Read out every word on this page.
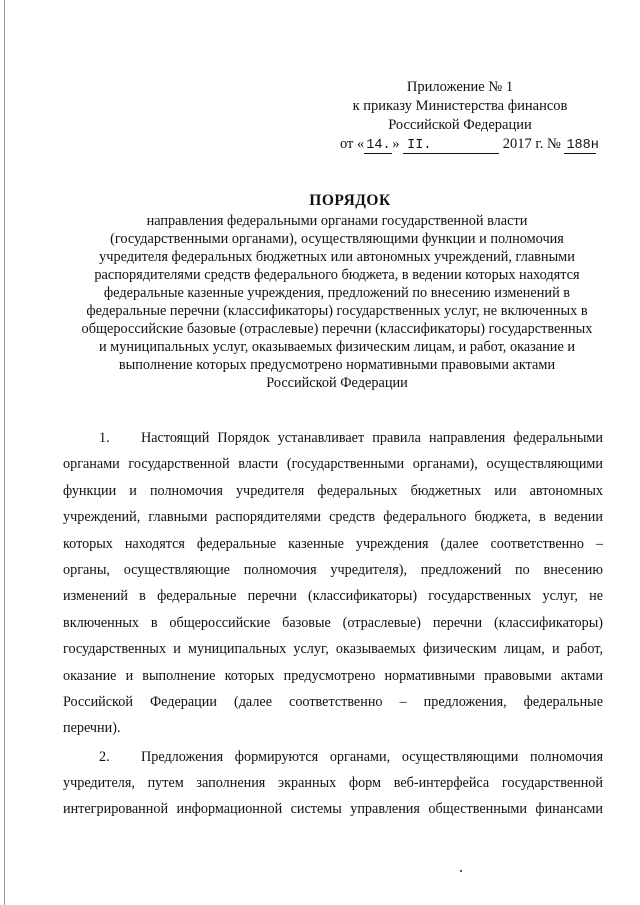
Приложение № 1
к приказу Министерства финансов
Российской Федерации
от « 14. » II.	2017 г. № 188н
ПОРЯДОК
направления федеральными органами государственной власти
(государственными органами), осуществляющими функции и полномочия
учредителя федеральных бюджетных или автономных учреждений, главными
распорядителями средств федерального бюджета, в ведении которых находятся
федеральные казенные учреждения, предложений по внесению изменений в
федеральные перечни (классификаторы) государственных услуг, не включенных в
общероссийские базовые (отраслевые) перечни (классификаторы) государственных
и муниципальных услуг, оказываемых физическим лицам, и работ, оказание и
выполнение которых предусмотрено нормативными правовыми актами
Российской Федерации
1. Настоящий Порядок устанавливает правила направления федеральными
органами государственной власти (государственными органами), осуществляющими
функции и полномочия учредителя федеральных бюджетных или автономных
учреждений, главными распорядителями средств федерального бюджета, в ведении
которых находятся федеральные казенные учреждения (далее соответственно –
органы, осуществляющие полномочия учредителя), предложений по внесению
изменений в федеральные перечни (классификаторы) государственных услуг, не
включенных в общероссийские базовые (отраслевые) перечни (классификаторы)
государственных и муниципальных услуг, оказываемых физическим лицам, и работ,
оказание и выполнение которых предусмотрено нормативными правовыми актами
Российской Федерации (далее соответственно – предложения, федеральные
перечни).
2. Предложения формируются органами, осуществляющими полномочия
учредителя, путем заполнения экранных форм веб-интерфейса государственной
интегрированной информационной системы управления общественными финансами
